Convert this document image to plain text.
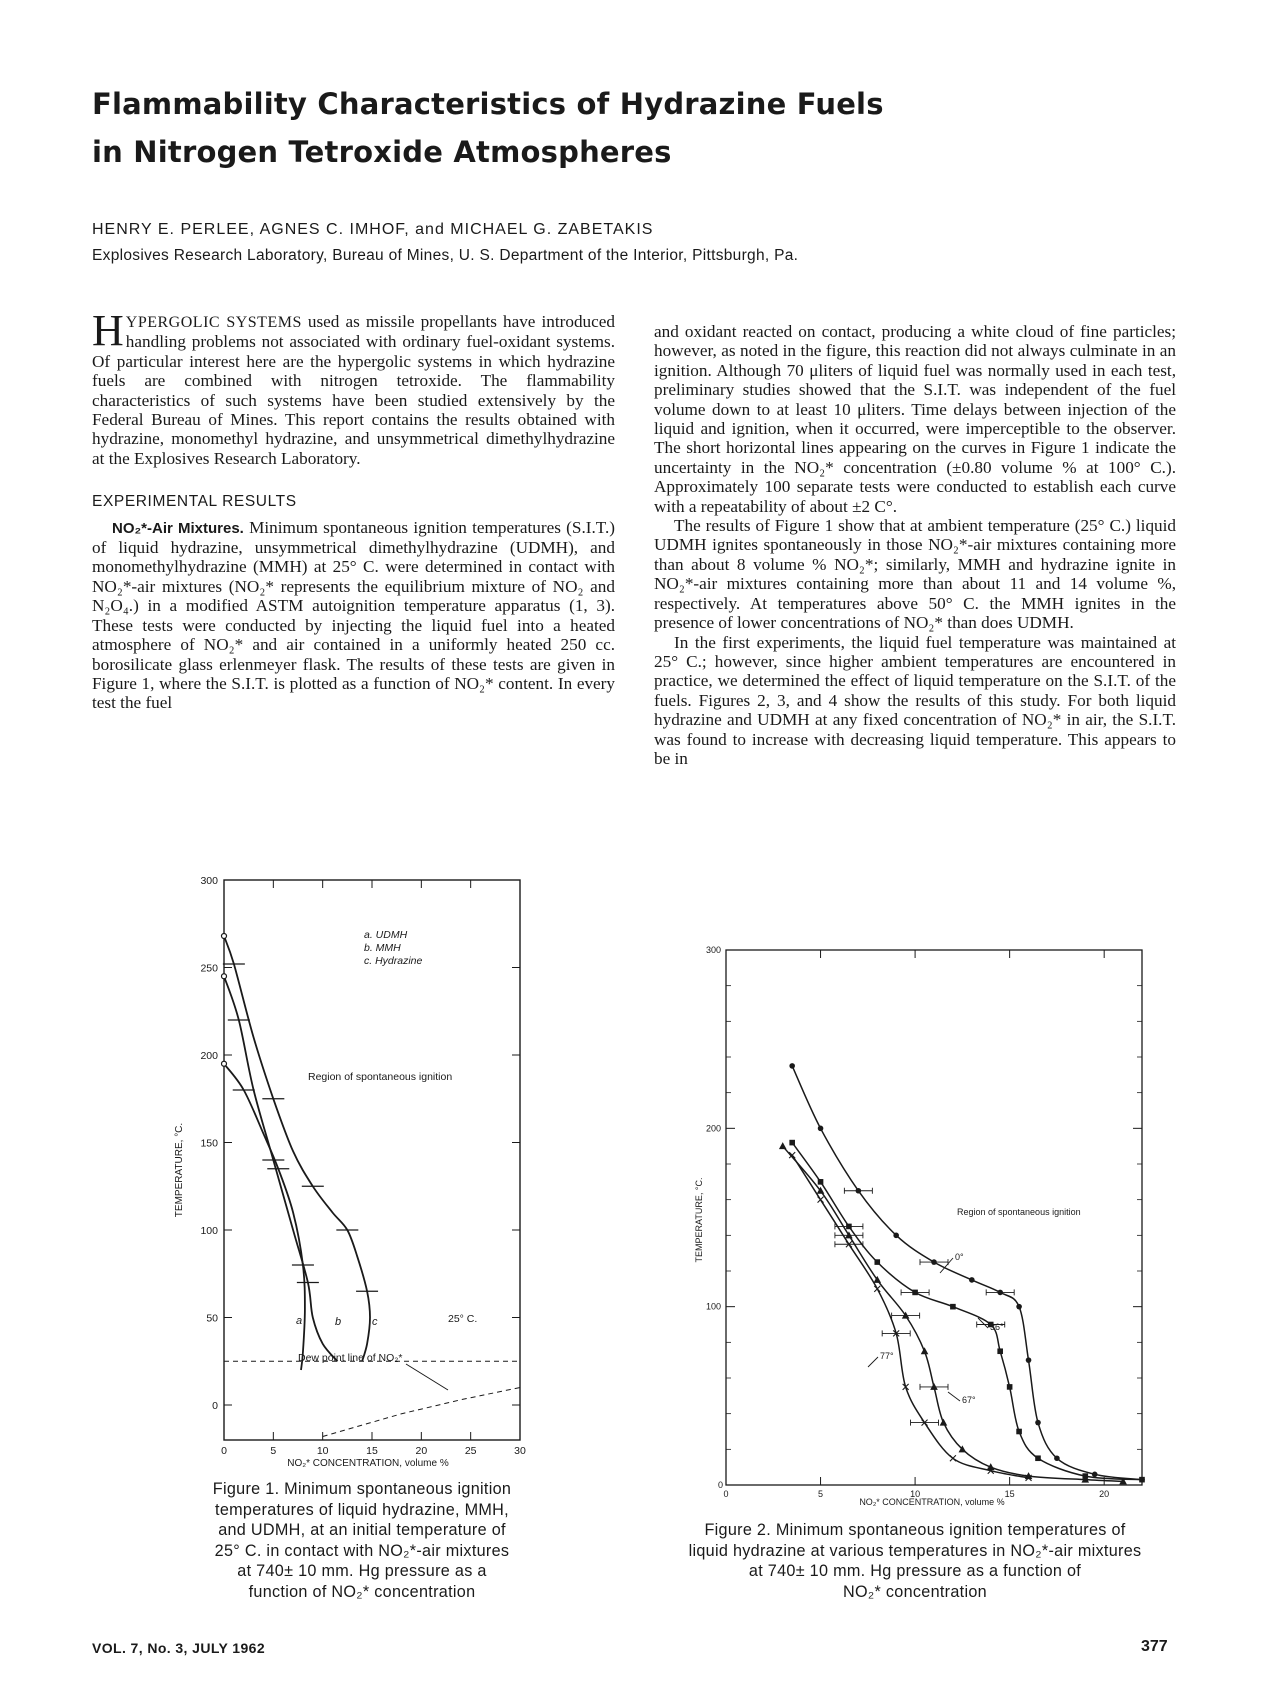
Flammability Characteristics of Hydrazine Fuels
in Nitrogen Tetroxide Atmospheres
HENRY E. PERLEE, AGNES C. IMHOF, and MICHAEL G. ZABETAKIS
Explosives Research Laboratory, Bureau of Mines, U. S. Department of the Interior, Pittsburgh, Pa.

HYPERGOLIC SYSTEMS used as missile propellants have introduced handling problems not associated with ordinary fuel-oxidant systems. Of particular interest here are the hypergolic systems in which hydrazine fuels are combined with nitrogen tetroxide. The flammability characteristics of such systems have been studied extensively by the Federal Bureau of Mines. This report contains the results obtained with hydrazine, monomethyl hydrazine, and unsymmetrical dimethylhydrazine at the Explosives Research Laboratory.

EXPERIMENTAL RESULTS

NO₂*-Air Mixtures. Minimum spontaneous ignition temperatures (S.I.T.) of liquid hydrazine, unsymmetrical dimethylhydrazine (UDMH), and monomethylhydrazine (MMH) at 25° C. were determined in contact with NO₂*-air mixtures (NO₂* represents the equilibrium mixture of NO₂ and N₂O₄.) in a modified ASTM autoignition temperature apparatus (1, 3). These tests were conducted by injecting the liquid fuel into a heated atmosphere of NO₂* and air contained in a uniformly heated 250 cc. borosilicate glass erlenmeyer flask. The results of these tests are given in Figure 1, where the S.I.T. is plotted as a function of NO₂* content. In every test the fuel

and oxidant reacted on contact, producing a white cloud of fine particles; however, as noted in the figure, this reaction did not always culminate in an ignition. Although 70 μliters of liquid fuel was normally used in each test, preliminary studies showed that the S.I.T. was independent of the fuel volume down to at least 10 μliters. Time delays between injection of the liquid and ignition, when it occurred, were imperceptible to the observer. The short horizontal lines appearing on the curves in Figure 1 indicate the uncertainty in the NO₂* concentration (±0.80 volume % at 100° C.). Approximately 100 separate tests were conducted to establish each curve with a repeatability of about ±2 C°.

The results of Figure 1 show that at ambient temperature (25° C.) liquid UDMH ignites spontaneously in those NO₂*-air mixtures containing more than about 8 volume % NO₂*; similarly, MMH and hydrazine ignite in NO₂*-air mixtures containing more than about 11 and 14 volume %, respectively. At temperatures above 50° C. the MMH ignites in the presence of lower concentrations of NO₂* than does UDMH.

In the first experiments, the liquid fuel temperature was maintained at 25° C.; however, since higher ambient temperatures are encountered in practice, we determined the effect of liquid temperature on the S.I.T. of the fuels. Figures 2, 3, and 4 show the results of this study. For both liquid hydrazine and UDMH at any fixed concentration of NO₂* in air, the S.I.T. was found to increase with decreasing liquid temperature. This appears to be in

0	5	10	15	20	25	30
0
50
100
150
200
250
300
NO₂* CONCENTRATION, volume %
TEMPERATURE, °C.
a. UDMH
b. MMH
c. Hydrazine
Region of spontaneous ignition
25° C.
Dew point line of NO₂*
a	b	c
Figure 1. Minimum spontaneous ignition
temperatures of liquid hydrazine, MMH,
and UDMH, at an initial temperature of
25° C. in contact with NO₂*-air mixtures
at 740± 10 mm. Hg pressure as a
function of NO₂* concentration
0	5	10	15	20
100
200
300
0
NO₂* CONCENTRATION, volume %
TEMPERATURE, °C.	Region of spontaneous ignition
0°
36°
67°
77°
Figure 2. Minimum spontaneous ignition temperatures of
liquid hydrazine at various temperatures in NO₂*-air mixtures
at 740± 10 mm. Hg pressure as a function of
NO₂* concentration
VOL. 7, No. 3, JULY 1962	377
